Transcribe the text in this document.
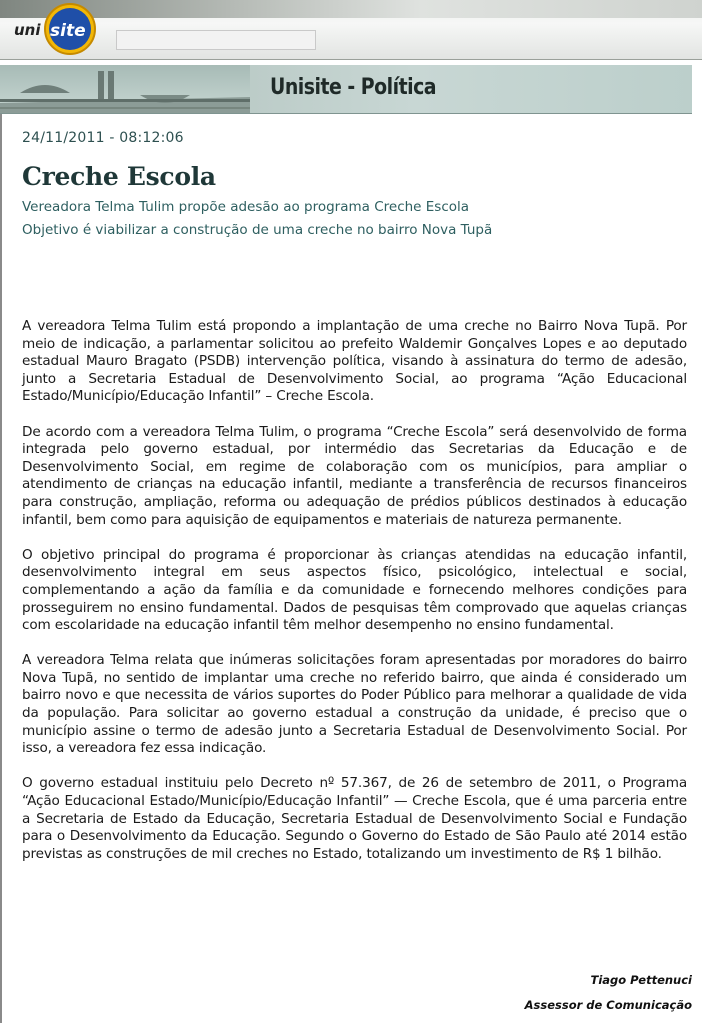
uni site
Unisite - Política
24/11/2011 - 08:12:06
Creche Escola
Vereadora Telma Tulim propõe adesão ao programa Creche Escola
Objetivo é viabilizar a construção de uma creche no bairro Nova Tupã

A vereadora Telma Tulim está propondo a implantação de uma creche no Bairro Nova Tupã. Por meio de indicação, a parlamentar solicitou ao prefeito Waldemir Gonçalves Lopes e ao deputado estadual Mauro Bragato (PSDB) intervenção política, visando à assinatura do termo de adesão, junto a Secretaria Estadual de Desenvolvimento Social, ao programa “Ação Educacional Estado/Município/Educação Infantil” – Creche Escola.

De acordo com a vereadora Telma Tulim, o programa “Creche Escola” será desenvolvido de forma integrada pelo governo estadual, por intermédio das Secretarias da Educação e de Desenvolvimento Social, em regime de colaboração com os municípios, para ampliar o atendimento de crianças na educação infantil, mediante a transferência de recursos financeiros para construção, ampliação, reforma ou adequação de prédios públicos destinados à educação infantil, bem como para aquisição de equipamentos e materiais de natureza permanente.

O objetivo principal do programa é proporcionar às crianças atendidas na educação infantil, desenvolvimento integral em seus aspectos físico, psicológico, intelectual e social, complementando a ação da família e da comunidade e fornecendo melhores condições para prosseguirem no ensino fundamental. Dados de pesquisas têm comprovado que aquelas crianças com escolaridade na educação infantil têm melhor desempenho no ensino fundamental.

A vereadora Telma relata que inúmeras solicitações foram apresentadas por moradores do bairro Nova Tupã, no sentido de implantar uma creche no referido bairro, que ainda é considerado um bairro novo e que necessita de vários suportes do Poder Público para melhorar a qualidade de vida da população. Para solicitar ao governo estadual a construção da unidade, é preciso que o município assine o termo de adesão junto a Secretaria Estadual de Desenvolvimento Social. Por isso, a vereadora fez essa indicação.

O governo estadual instituiu pelo Decreto nº 57.367, de 26 de setembro de 2011, o Programa “Ação Educacional Estado/Município/Educação Infantil” — Creche Escola, que é uma parceria entre a Secretaria de Estado da Educação, Secretaria Estadual de Desenvolvimento Social e Fundação para o Desenvolvimento da Educação. Segundo o Governo do Estado de São Paulo até 2014 estão previstas as construções de mil creches no Estado, totalizando um investimento de R$ 1 bilhão.

Tiago Pettenuci
Assessor de Comunicação
